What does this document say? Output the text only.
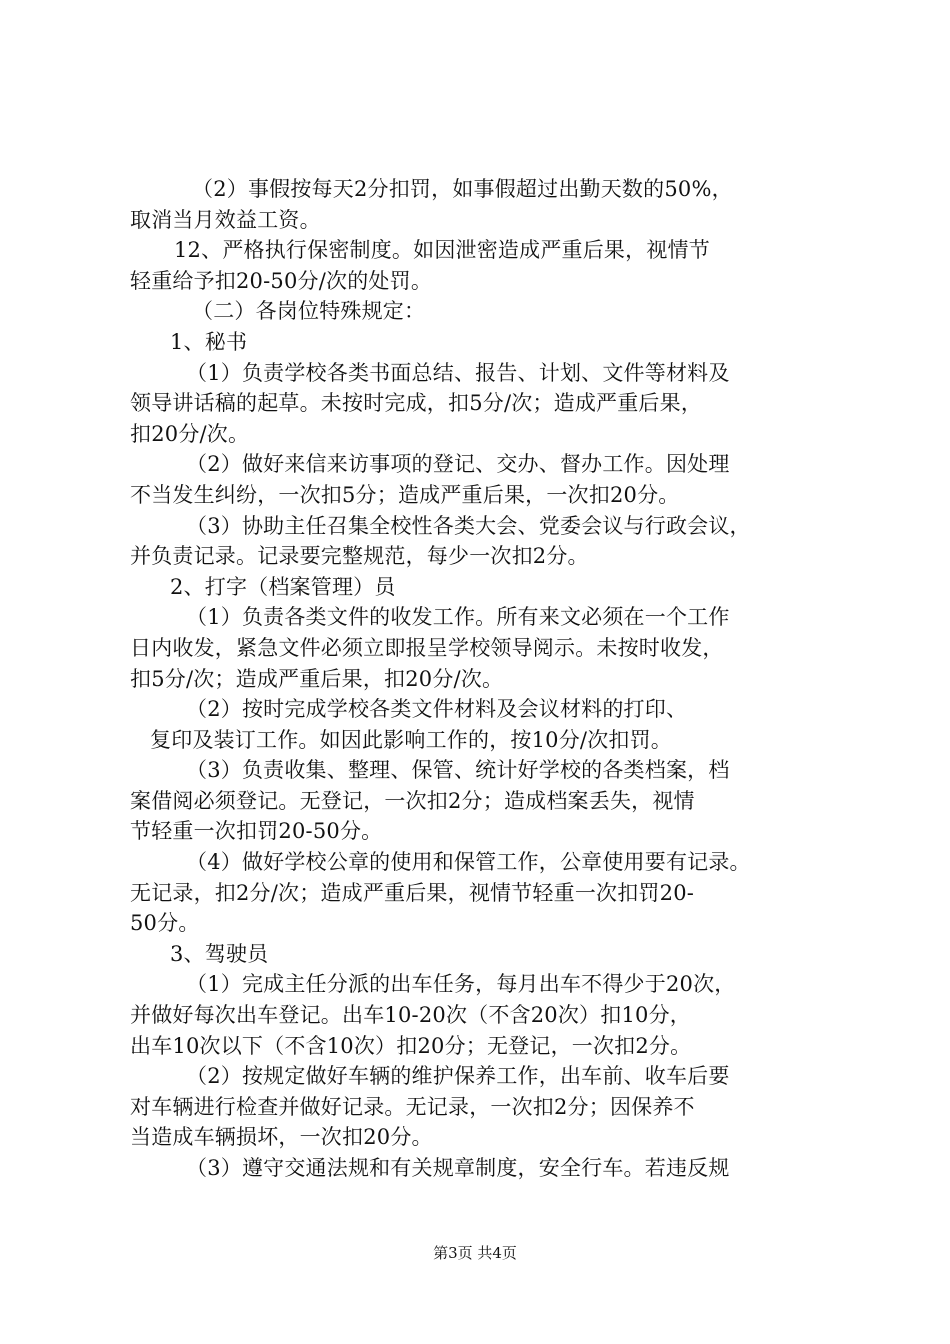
（2）事假按每天2分扣罚，如事假超过出勤天数的50%，
取消当月效益工资。
12、严格执行保密制度。如因泄密造成严重后果，视情节
轻重给予扣20-50分/次的处罚。
（二）各岗位特殊规定：
1、秘书
（1）负责学校各类书面总结、报告、计划、文件等材料及
领导讲话稿的起草。未按时完成，扣5分/次；造成严重后果，
扣20分/次。
（2）做好来信来访事项的登记、交办、督办工作。因处理
不当发生纠纷，一次扣5分；造成严重后果，一次扣20分。
（3）协助主任召集全校性各类大会、党委会议与行政会议，
并负责记录。记录要完整规范，每少一次扣2分。
2、打字（档案管理）员
（1）负责各类文件的收发工作。所有来文必须在一个工作
日内收发，紧急文件必须立即报呈学校领导阅示。未按时收发，
扣5分/次；造成严重后果，扣20分/次。
（2）按时完成学校各类文件材料及会议材料的打印、
复印及装订工作。如因此影响工作的，按10分/次扣罚。
（3）负责收集、整理、保管、统计好学校的各类档案，档
案借阅必须登记。无登记，一次扣2分；造成档案丢失，视情
节轻重一次扣罚20-50分。
（4）做好学校公章的使用和保管工作，公章使用要有记录。
无记录，扣2分/次；造成严重后果，视情节轻重一次扣罚20-
50分。
3、驾驶员
（1）完成主任分派的出车任务，每月出车不得少于20次，
并做好每次出车登记。出车10-20次（不含20次）扣10分，
出车10次以下（不含10次）扣20分；无登记，一次扣2分。
（2）按规定做好车辆的维护保养工作，出车前、收车后要
对车辆进行检查并做好记录。无记录，一次扣2分；因保养不
当造成车辆损坏，一次扣20分。
（3）遵守交通法规和有关规章制度，安全行车。若违反规
第3页 共4页
